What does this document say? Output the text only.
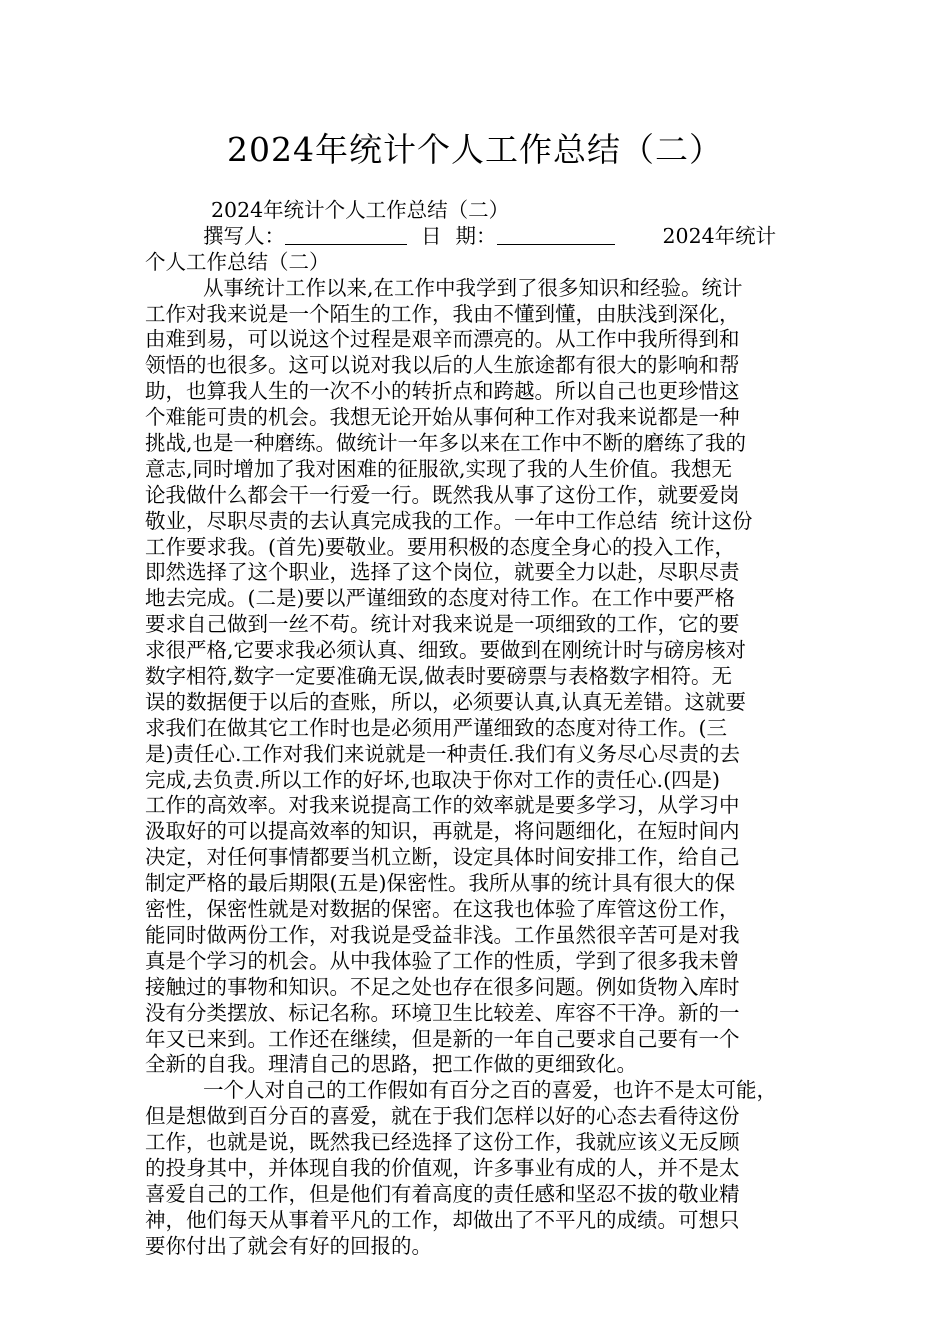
2024年统计个人工作总结（二）
2024年统计个人工作总结（二）
撰写人：	日 期：	2024年统计
个人工作总结（二）
从事统计工作以来,在工作中我学到了很多知识和经验。统计
工作对我来说是一个陌生的工作，我由不懂到懂，由肤浅到深化，
由难到易，可以说这个过程是艰辛而漂亮的。从工作中我所得到和
领悟的也很多。这可以说对我以后的人生旅途都有很大的影响和帮
助，也算我人生的一次不小的转折点和跨越。所以自己也更珍惜这
个难能可贵的机会。我想无论开始从事何种工作对我来说都是一种
挑战,也是一种磨练。做统计一年多以来在工作中不断的磨练了我的
意志,同时增加了我对困难的征服欲,实现了我的人生价值。我想无
论我做什么都会干一行爱一行。既然我从事了这份工作，就要爱岗
敬业，尽职尽责的去认真完成我的工作。一年中工作总结  统计这份
工作要求我。(首先)要敬业。要用积极的态度全身心的投入工作，
即然选择了这个职业，选择了这个岗位，就要全力以赴，尽职尽责
地去完成。(二是)要以严谨细致的态度对待工作。在工作中要严格
要求自己做到一丝不苟。统计对我来说是一项细致的工作，它的要
求很严格,它要求我必须认真、细致。要做到在刚统计时与磅房核对
数字相符,数字一定要准确无误,做表时要磅票与表格数字相符。无
误的数据便于以后的查账，所以，必须要认真,认真无差错。这就要
求我们在做其它工作时也是必须用严谨细致的态度对待工作。(三
是)责任心.工作对我们来说就是一种责任.我们有义务尽心尽责的去
完成,去负责.所以工作的好坏,也取决于你对工作的责任心.(四是)
工作的高效率。对我来说提高工作的效率就是要多学习，从学习中
汲取好的可以提高效率的知识，再就是，将问题细化，在短时间内
决定，对任何事情都要当机立断，设定具体时间安排工作，给自己
制定严格的最后期限(五是)保密性。我所从事的统计具有很大的保
密性，保密性就是对数据的保密。在这我也体验了库管这份工作，
能同时做两份工作，对我说是受益非浅。工作虽然很辛苦可是对我
真是个学习的机会。从中我体验了工作的性质，学到了很多我未曾
接触过的事物和知识。不足之处也存在很多问题。例如货物入库时
没有分类摆放、标记名称。环境卫生比较差、库容不干净。新的一
年又已来到。工作还在继续，但是新的一年自己要求自己要有一个
全新的自我。理清自己的思路，把工作做的更细致化。
一个人对自己的工作假如有百分之百的喜爱，也许不是太可能，
但是想做到百分百的喜爱，就在于我们怎样以好的心态去看待这份
工作，也就是说，既然我已经选择了这份工作，我就应该义无反顾
的投身其中，并体现自我的价值观，许多事业有成的人，并不是太
喜爱自己的工作，但是他们有着高度的责任感和坚忍不拔的敬业精
神，他们每天从事着平凡的工作，却做出了不平凡的成绩。可想只
要你付出了就会有好的回报的。
